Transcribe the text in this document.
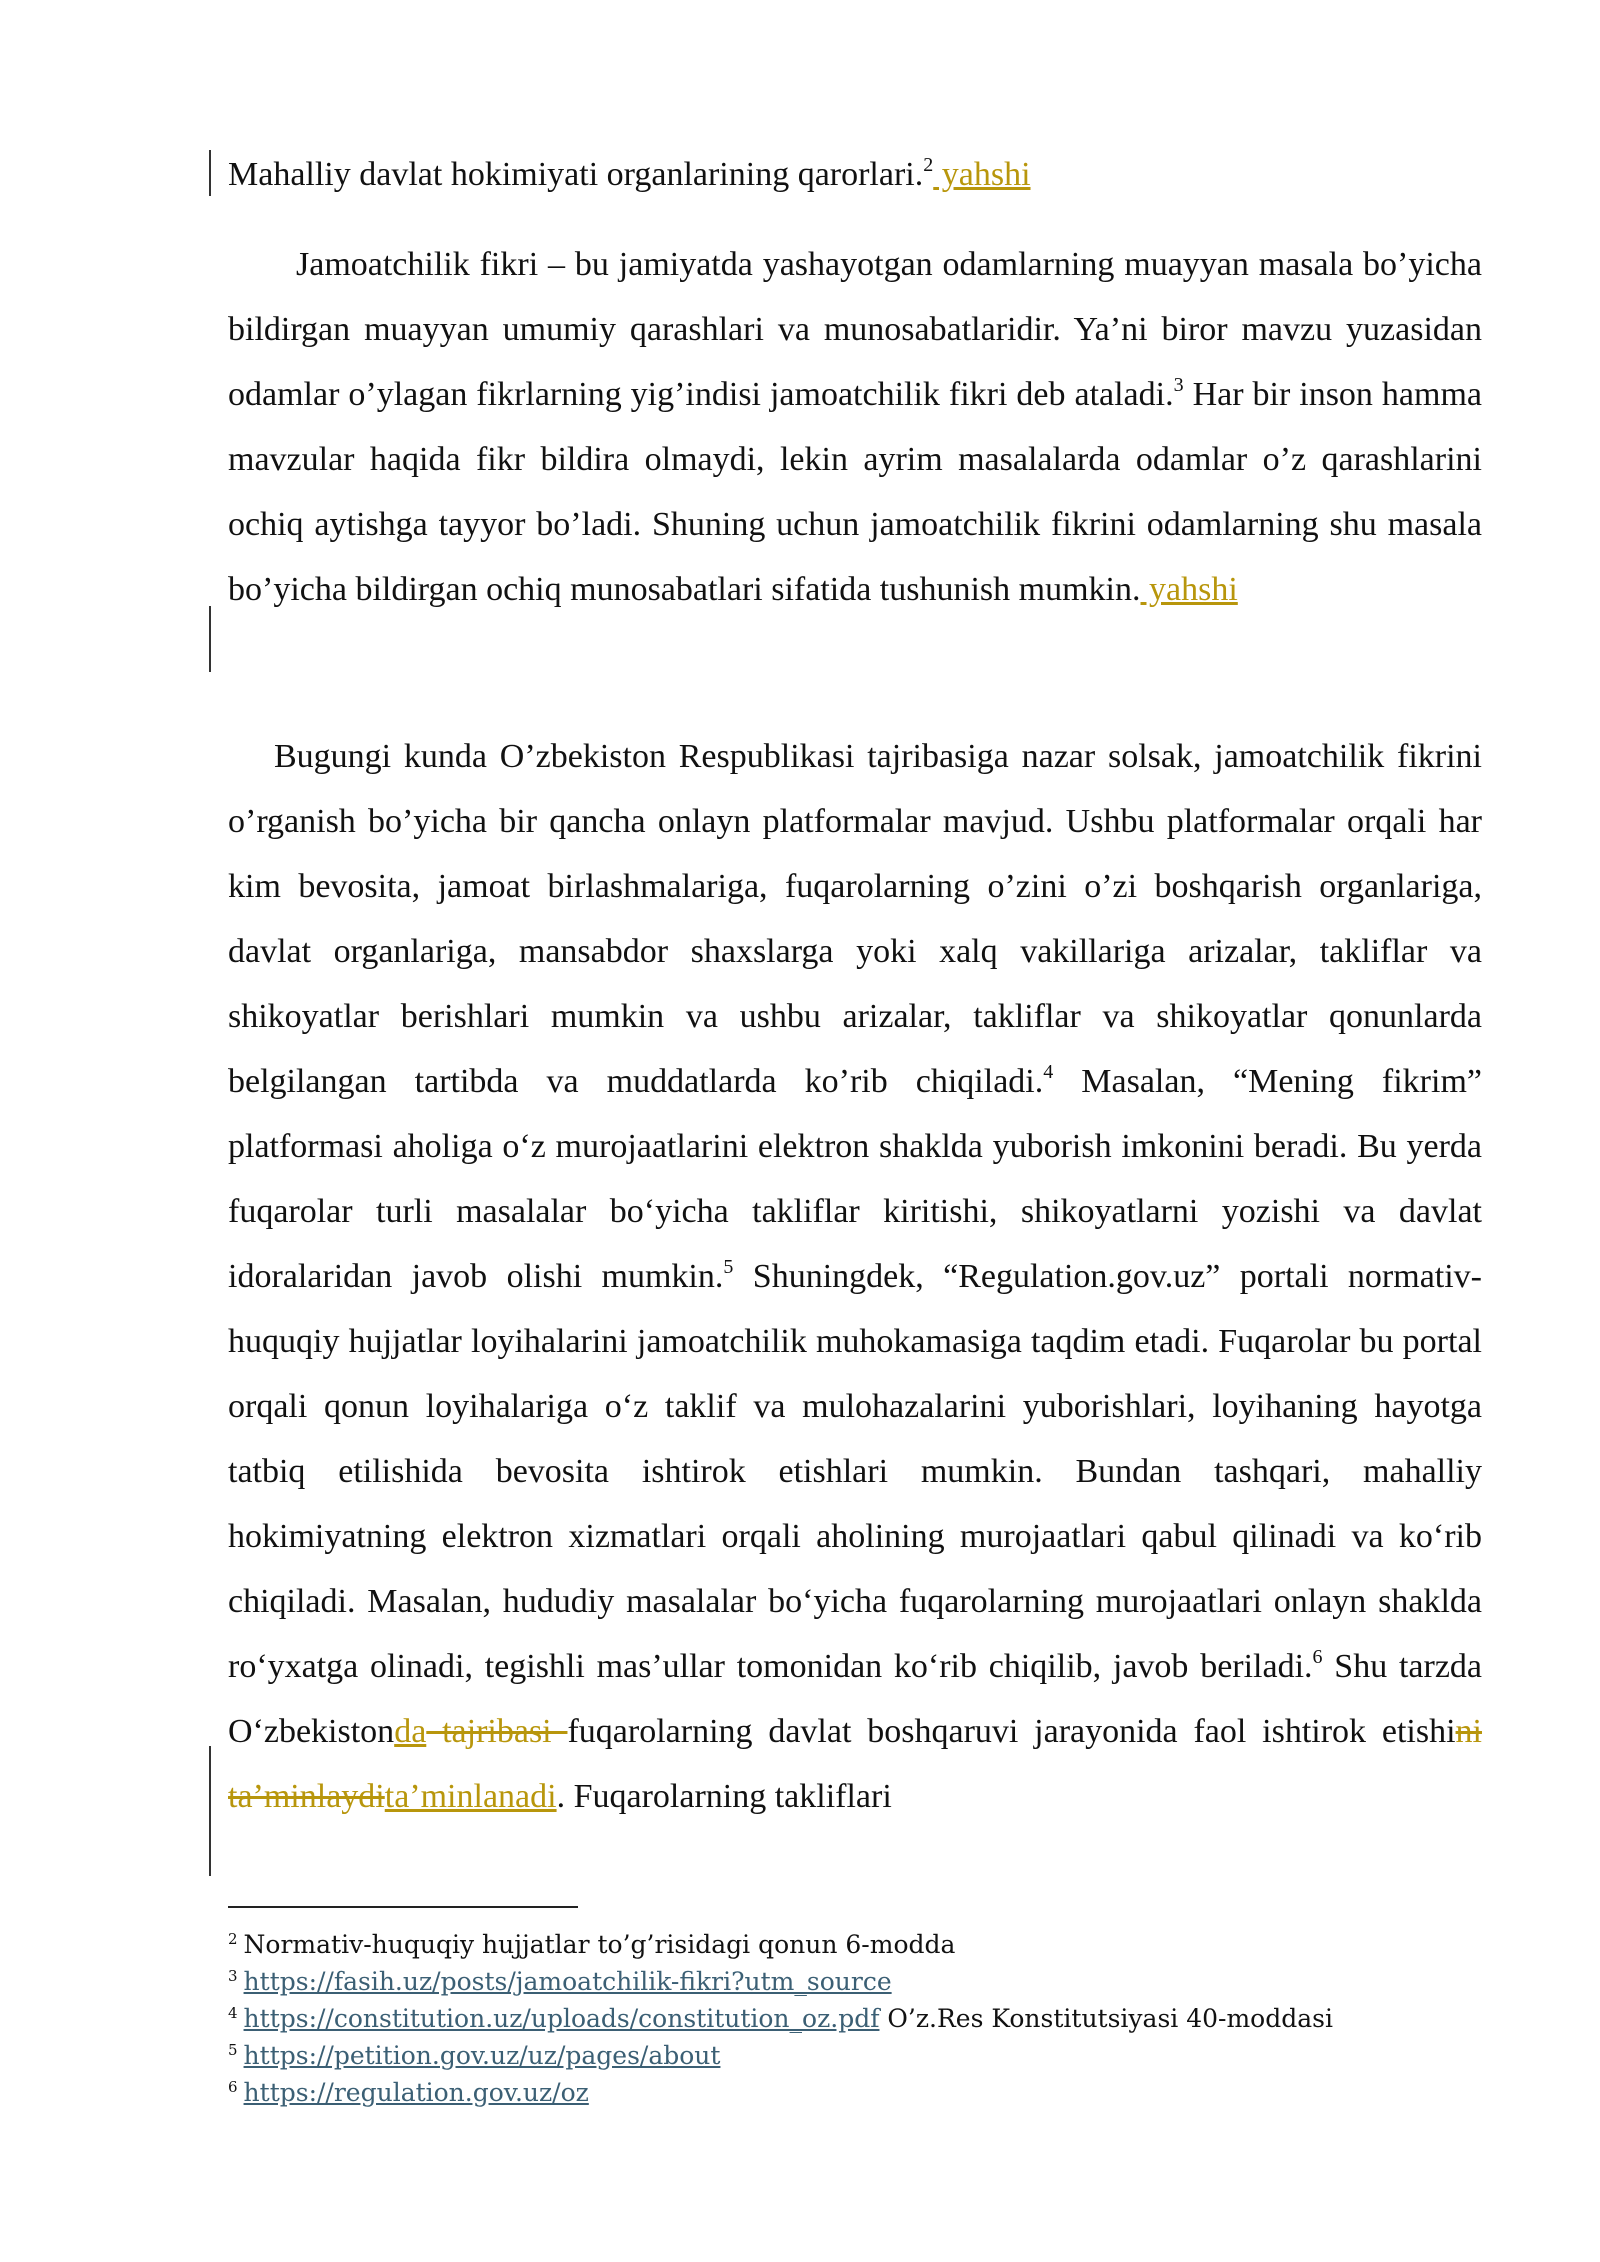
Mahalliy davlat hokimiyati organlarining qarorlari.$^2$ yahshi

Jamoatchilik fikri – bu jamiyatda yashayotgan odamlarning muayyan masala bo’yicha bildirgan muayyan umumiy qarashlari va munosabatlaridir. Ya’ni biror mavzu yuzasidan odamlar o’ylagan fikrlarning yig’indisi jamoatchilik fikri deb ataladi.$^3$ Har bir inson hamma mavzular haqida fikr bildira olmaydi, lekin ayrim masalalarda odamlar o’z qarashlarini ochiq aytishga tayyor bo’ladi. Shuning uchun jamoatchilik fikrini odamlarning shu masala bo’yicha bildirgan ochiq munosabatlari sifatida tushunish mumkin. yahshi

Bugungi kunda O’zbekiston Respublikasi tajribasiga nazar solsak, jamoatchilik fikrini o’rganish bo’yicha bir qancha onlayn platformalar mavjud. Ushbu platformalar orqali har kim bevosita, jamoat birlashmalariga, fuqarolarning o’zini o’zi boshqarish organlariga, davlat organlariga, mansabdor shaxslarga yoki xalq vakillariga arizalar, takliflar va shikoyatlar berishlari mumkin va ushbu arizalar, takliflar va shikoyatlar qonunlarda belgilangan tartibda va muddatlarda ko’rib chiqiladi.$^4$ Masalan, “Mening fikrim” platformasi aholiga o‘z murojaatlarini elektron shaklda yuborish imkonini beradi. Bu yerda fuqarolar turli masalalar bo‘yicha takliflar kiritishi, shikoyatlarni yozishi va davlat idoralaridan javob olishi mumkin.$^5$ Shuningdek, “Regulation.gov.uz” portali normativ-huquqiy hujjatlar loyihalarini jamoatchilik muhokamasiga taqdim etadi. Fuqarolar bu portal orqali qonun loyihalariga o‘z taklif va mulohazalarini yuborishlari, loyihaning hayotga tatbiq etilishida bevosita ishtirok etishlari mumkin. Bundan tashqari, mahalliy hokimiyatning elektron xizmatlari orqali aholining murojaatlari qabul qilinadi va ko‘rib chiqiladi. Masalan, hududiy masalalar bo‘yicha fuqarolarning murojaatlari onlayn shaklda ro‘yxatga olinadi, tegishli mas’ullar tomonidan ko‘rib chiqilib, javob beriladi.$^6$ Shu tarzda O‘zbekistonda tajribasi fuqarolarning davlat boshqaruvi jarayonida faol ishtirok etishini ta’minlaydita’minlanadi. Fuqarolarning takliflari

$^2$ Normativ-huquqiy hujjatlar to’g’risidagi qonun 6-modda
$^3$ https://fasih.uz/posts/jamoatchilik-fikri?utm_source
$^4$ https://constitution.uz/uploads/constitution_oz.pdf O’z.Res Konstitutsiyasi 40-moddasi
$^5$ https://petition.gov.uz/uz/pages/about
$^6$ https://regulation.gov.uz/oz
